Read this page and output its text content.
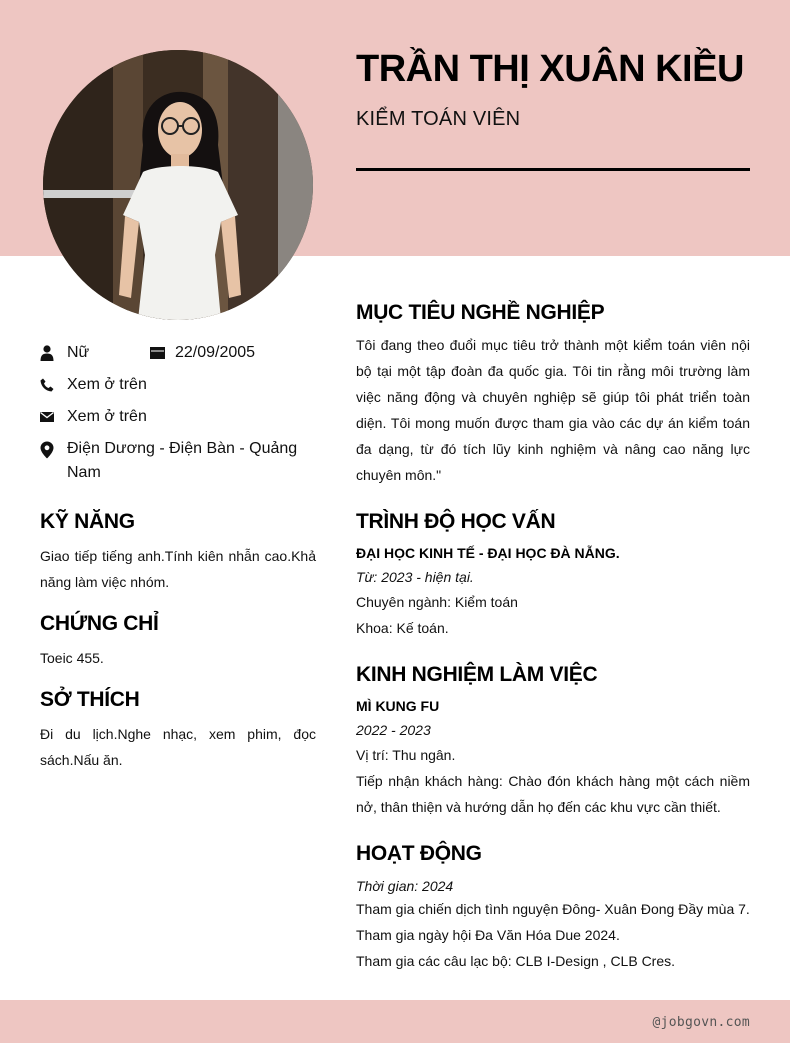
TRẦN THỊ XUÂN KIỀU
KIỂM TOÁN VIÊN
Nữ	22/09/2005
Xem ở trên
Xem ở trên
Điện Dương - Điện Bàn - Quảng Nam
KỸ NĂNG
Giao tiếp tiếng anh.Tính kiên nhẫn cao.Khả năng làm việc nhóm.
CHỨNG CHỈ
Toeic 455.
SỞ THÍCH
Đi du lịch.Nghe nhạc, xem phim, đọc sách.Nấu ăn.
MỤC TIÊU NGHỀ NGHIỆP
Tôi đang theo đuổi mục tiêu trở thành một kiểm toán viên nội bộ tại một tập đoàn đa quốc gia. Tôi tin rằng môi trường làm việc năng động và chuyên nghiệp sẽ giúp tôi phát triển toàn diện. Tôi mong muốn được tham gia vào các dự án kiểm toán đa dạng, từ đó tích lũy kinh nghiệm và nâng cao năng lực chuyên môn."
TRÌNH ĐỘ HỌC VẤN
ĐẠI HỌC KINH TẾ - ĐẠI HỌC ĐÀ NẴNG.
Từ: 2023 - hiện tại.
Chuyên ngành: Kiểm toán
Khoa: Kế toán.
KINH NGHIỆM LÀM VIỆC
MÌ KUNG FU
2022 - 2023
Vị trí: Thu ngân.
Tiếp nhận khách hàng: Chào đón khách hàng một cách niềm nở, thân thiện và hướng dẫn họ đến các khu vực cần thiết.
HOẠT ĐỘNG
Thời gian: 2024
Tham gia chiến dịch tình nguyện Đông- Xuân Đong Đầy mùa 7.
Tham gia ngày hội Đa Văn Hóa Due 2024.
Tham gia các câu lạc bộ: CLB I-Design , CLB Cres.
@jobgovn.com
